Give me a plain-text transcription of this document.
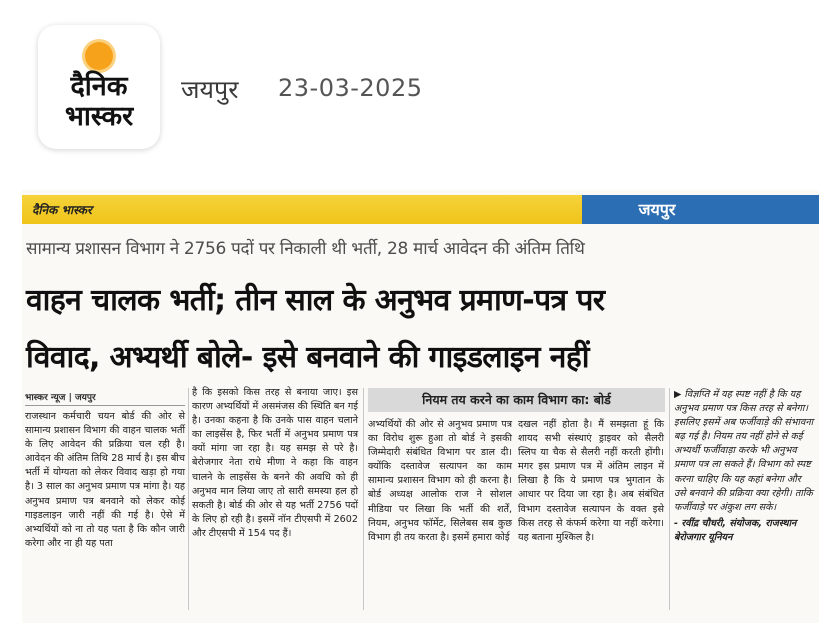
दैनिक
भास्कर
जयपुर 23-03-2025
दैनिक भास्कर	जयपुर
सामान्य प्रशासन विभाग ने 2756 पदों पर निकाली थी भर्ती, 28 मार्च आवेदन की अंतिम तिथि
वाहन चालक भर्ती; तीन साल के अनुभव प्रमाण-पत्र पर
विवाद, अभ्यर्थी बोले- इसे बनवाने की गाइडलाइन नहीं
भास्कर न्यूज | जयपुर

राजस्थान कर्मचारी चयन बोर्ड की ओर से सामान्य प्रशासन विभाग की वाहन चालक भर्ती के लिए आवेदन की प्रक्रिया चल रही है। आवेदन की अंतिम तिथि 28 मार्च है। इस बीच भर्ती में योग्यता को लेकर विवाद खड़ा हो गया है। 3 साल का अनुभव प्रमाण पत्र मांगा है। यह अनुभव प्रमाण पत्र बनवाने को लेकर कोई गाइडलाइन जारी नहीं की गई है। ऐसे में अभ्यर्थियों को ना तो यह पता है कि कौन जारी करेगा और ना ही यह पता

है कि इसको किस तरह से बनाया जाए। इस कारण अभ्यर्थियों में असमंजस की स्थिति बन गई है। उनका कहना है कि उनके पास वाहन चलाने का लाइसेंस है, फिर भर्ती में अनुभव प्रमाण पत्र क्यों मांगा जा रहा है। यह समझ से परे है। बेरोजगार नेता राधे मीणा ने कहा कि वाहन चालने के लाइसेंस के बनने की अवधि को ही अनुभव मान लिया जाए तो सारी समस्या हल हो सकती है। बोर्ड की ओर से यह भर्ती 2756 पदों के लिए हो रही है। इसमें नॉन टीएसपी में 2602 और टीएसपी में 154 पद हैं।

नियम तय करने का काम विभाग का: बोर्ड

अभ्यर्थियों की ओर से अनुभव प्रमाण पत्र का विरोध शुरू हुआ तो बोर्ड ने इसकी जिम्मेदारी संबंधित विभाग पर डाल दी। क्योंकि दस्तावेज सत्यापन का काम सामान्य प्रशासन विभाग को ही करना है। बोर्ड अध्यक्ष आलोक राज ने सोशल मीडिया पर लिखा कि भर्ती की शर्तें, नियम, अनुभव फॉर्मेट, सिलेबस सब कुछ विभाग ही तय करता है। इसमें हमारा कोई

दखल नहीं होता है। मैं समझता हूं कि शायद सभी संस्थाएं ड्राइवर को सैलरी स्लिप या चैक से सैलरी नहीं करती होंगी। मगर इस प्रमाण पत्र में अंतिम लाइन में लिखा है कि ये प्रमाण पत्र भुगतान के आधार पर दिया जा रहा है। अब संबंधित विभाग दस्तावेज सत्यापन के वक्त इसे किस तरह से कंफर्म करेगा या नहीं करेगा। यह बताना मुश्किल है।

▶ विज्ञप्ति में यह स्पष्ट नहीं है कि यह अनुभव प्रमाण पत्र किस तरह से बनेगा। इसलिए इसमें अब फर्जीवाड़े की संभावना बढ़ गई है। नियम तय नहीं होने से कई अभ्यर्थी फर्जीवाड़ा करके भी अनुभव प्रमाण पत्र ला सकते हैं। विभाग को स्पष्ट करना चाहिए कि यह कहां बनेगा और उसे बनवाने की प्रक्रिया क्या रहेगी। ताकि फर्जीवाड़े पर अंकुश लग सके।

- रवींद्र चौधरी, संयोजक, राजस्थान बेरोजगार यूनियन
